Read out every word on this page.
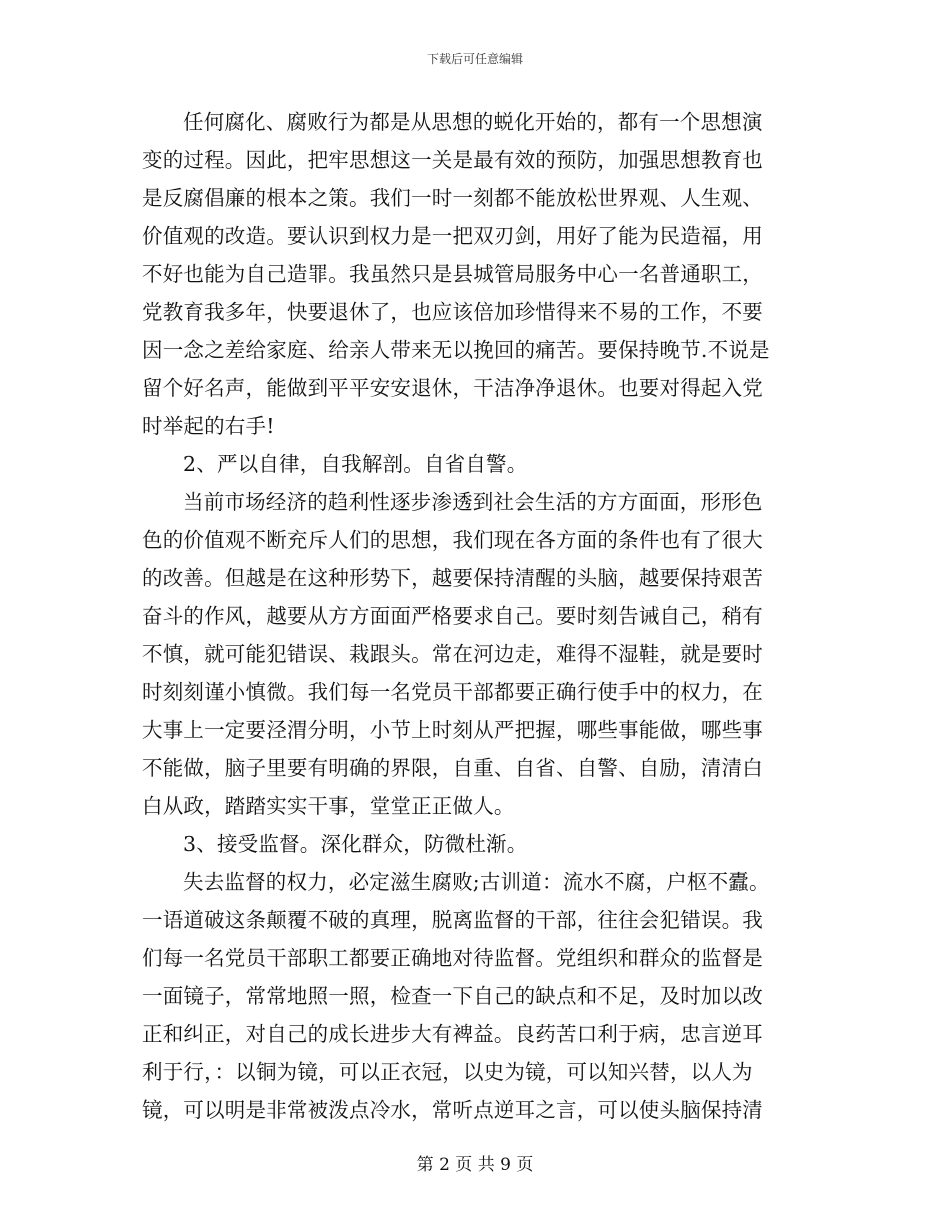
下载后可任意编辑
任何腐化、腐败行为都是从思想的蜕化开始的，都有一个思想演
变的过程。因此，把牢思想这一关是最有效的预防，加强思想教育也
是反腐倡廉的根本之策。我们一时一刻都不能放松世界观、人生观、
价值观的改造。要认识到权力是一把双刃剑，用好了能为民造福，用
不好也能为自己造罪。我虽然只是县城管局服务中心一名普通职工，
党教育我多年，快要退休了，也应该倍加珍惜得来不易的工作，不要
因一念之差给家庭、给亲人带来无以挽回的痛苦。要保持晚节.不说是
留个好名声，能做到平平安安退休，干洁净净退休。也要对得起入党
时举起的右手!
2、严以自律，自我解剖。自省自警。
当前市场经济的趋利性逐步渗透到社会生活的方方面面，形形色
色的价值观不断充斥人们的思想，我们现在各方面的条件也有了很大
的改善。但越是在这种形势下，越要保持清醒的头脑，越要保持艰苦
奋斗的作风，越要从方方面面严格要求自己。要时刻告诫自己，稍有
不慎，就可能犯错误、栽跟头。常在河边走，难得不湿鞋，就是要时
时刻刻谨小慎微。我们每一名党员干部都要正确行使手中的权力，在
大事上一定要泾渭分明，小节上时刻从严把握，哪些事能做，哪些事
不能做，脑子里要有明确的界限，自重、自省、自警、自励，清清白
白从政，踏踏实实干事，堂堂正正做人。
3、接受监督。深化群众，防微杜渐。
失去监督的权力，必定滋生腐败;古训道：流水不腐，户枢不蠹。
一语道破这条颠覆不破的真理，脱离监督的干部，往往会犯错误。我
们每一名党员干部职工都要正确地对待监督。党组织和群众的监督是
一面镜子，常常地照一照，检查一下自己的缺点和不足，及时加以改
正和纠正，对自己的成长进步大有裨益。良药苦口利于病，忠言逆耳
利于行，：以铜为镜，可以正衣冠，以史为镜，可以知兴替，以人为
镜，可以明是非常被泼点冷水，常听点逆耳之言，可以使头脑保持清
第 2 页 共 9 页
